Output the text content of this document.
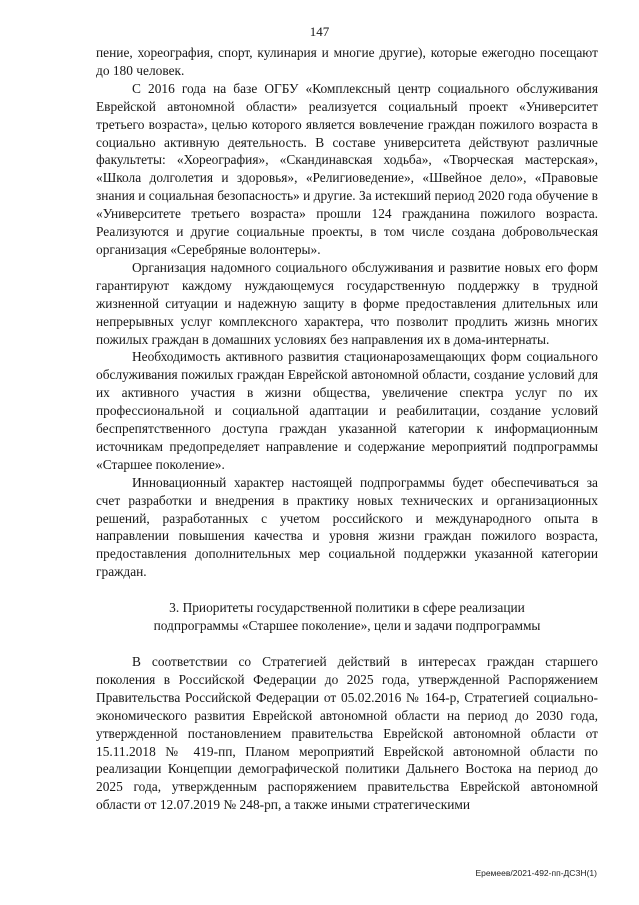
147

пение, хореография, спорт, кулинария и многие другие), которые ежегодно посещают до 180 человек.

С 2016 года на базе ОГБУ «Комплексный центр социального обслуживания Еврейской автономной области» реализуется социальный проект «Университет третьего возраста», целью которого является вовлечение граждан пожилого возраста в социально активную деятельность. В составе университета действуют различные факультеты: «Хореография», «Скандинавская ходьба», «Творческая мастерская», «Школа долголетия и здоровья», «Религиоведение», «Швейное дело», «Правовые знания и социальная безопасность» и другие. За истекший период 2020 года обучение в «Университете третьего возраста» прошли 124 гражданина пожилого возраста. Реализуются и другие социальные проекты, в том числе создана добровольческая организация «Серебряные волонтеры».

Организация надомного социального обслуживания и развитие новых его форм гарантируют каждому нуждающемуся государственную поддержку в трудной жизненной ситуации и надежную защиту в форме предоставления длительных или непрерывных услуг комплексного характера, что позволит продлить жизнь многих пожилых граждан в домашних условиях без направления их в дома-интернаты.

Необходимость активного развития стационарозамещающих форм социального обслуживания пожилых граждан Еврейской автономной области, создание условий для их активного участия в жизни общества, увеличение спектра услуг по их профессиональной и социальной адаптации и реабилитации, создание условий беспрепятственного доступа граждан указанной категории к информационным источникам предопределяет направление и содержание мероприятий подпрограммы «Старшее поколение».

Инновационный характер настоящей подпрограммы будет обеспечиваться за счет разработки и внедрения в практику новых технических и организационных решений, разработанных с учетом российского и международного опыта в направлении повышения качества и уровня жизни граждан пожилого возраста, предоставления дополнительных мер социальной поддержки указанной категории граждан.

3. Приоритеты государственной политики в сфере реализации

подпрограммы «Старшее поколение», цели и задачи подпрограммы

В соответствии со Стратегией действий в интересах граждан старшего поколения в Российской Федерации до 2025 года, утвержденной Распоряжением Правительства Российской Федерации от 05.02.2016 № 164-р, Стратегией социально-экономического развития Еврейской автономной области на период до 2030 года, утвержденной постановлением правительства Еврейской автономной области от 15.11.2018 № 419-пп, Планом мероприятий Еврейской автономной области по реализации Концепции демографической политики Дальнего Востока на период до 2025 года, утвержденным распоряжением правительства Еврейской автономной области от 12.07.2019 № 248-рп, а также иными стратегическими

Еремеев/2021-492-пп-ДСЗН(1)
